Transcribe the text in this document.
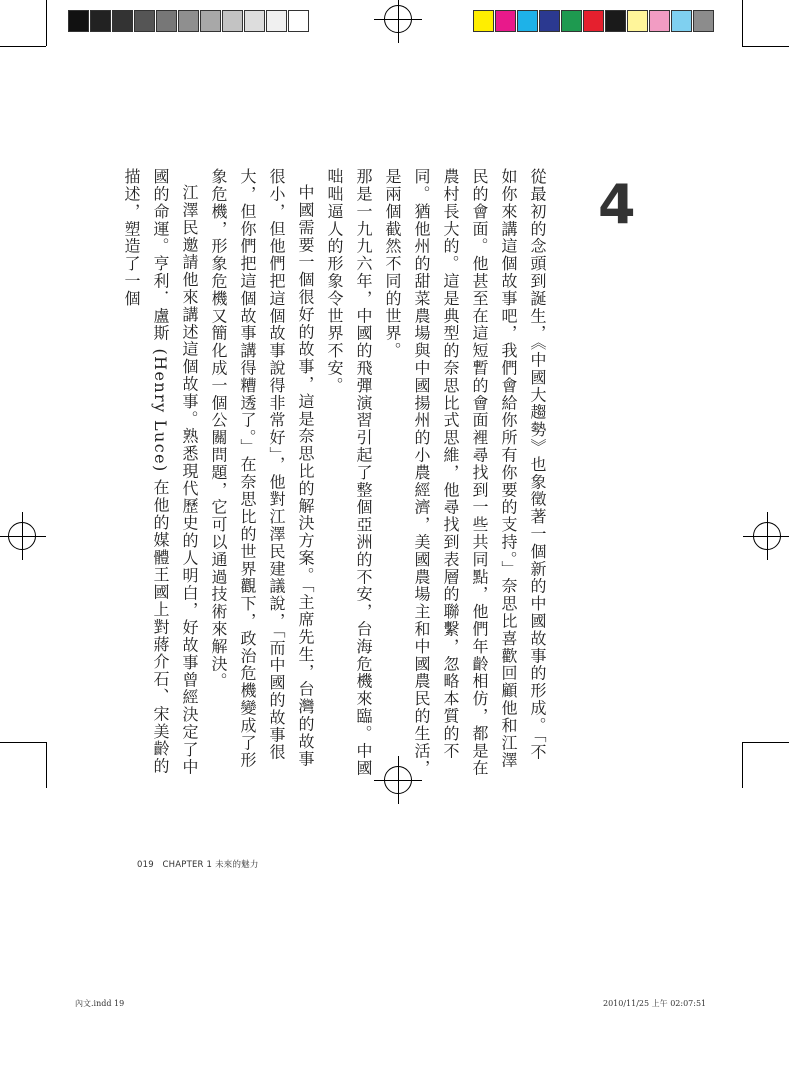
4

從最初的念頭到誕生，《中國大趨勢》也象徵著一個新的中國故事的形成。「不如你來講這個故事吧，我們會給你所有你要的支持。」奈思比喜歡回顧他和江澤民的會面。他甚至在這短暫的會面裡尋找到一些共同點，他們年齡相仿，都是在農村長大的。這是典型的奈思比式思維，他尋找到表層的聯繫，忽略本質的不同。猶他州的甜菜農場與中國揚州的小農經濟，美國農場主和中國農民的生活，是兩個截然不同的世界。

那是一九九六年，中國的飛彈演習引起了整個亞洲的不安，台海危機來臨。中國咄咄逼人的形象令世界不安。

中國需要一個很好的故事，這是奈思比的解決方案。「主席先生，台灣的故事很小，但他們把這個故事說得非常好」，他對江澤民建議說，「而中國的故事很大，但你們把這個故事講得糟透了。」在奈思比的世界觀下，政治危機變成了形象危機，形象危機又簡化成一個公關問題，它可以通過技術來解決。

江澤民邀請他來講述這個故事。熟悉現代歷史的人明白，好故事曾經決定了中國的命運。亨利．盧斯 (Henry Luce) 在他的媒體王國上對蔣介石、宋美齡的描述，塑造了一個

019　CHAPTER 1 未來的魅力
內文.indd 19	2010/11/25 上午 02:07:51
